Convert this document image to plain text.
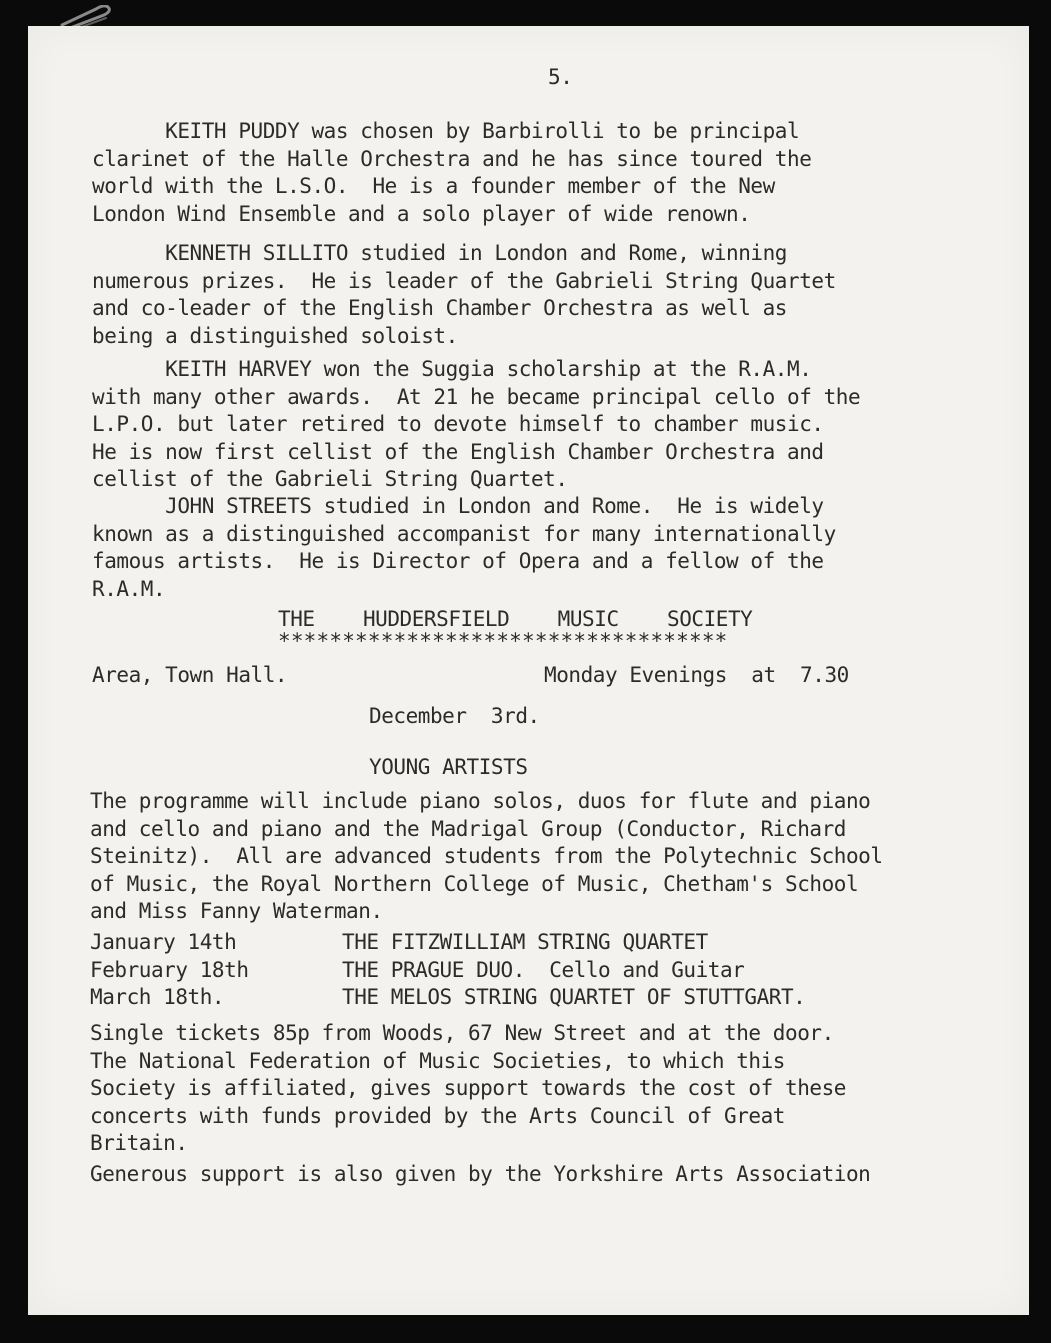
5.
KEITH PUDDY was chosen by Barbirolli to be principal
clarinet of the Halle Orchestra and he has since toured the
world with the L.S.O.  He is a founder member of the New
London Wind Ensemble and a solo player of wide renown.
KENNETH SILLITO studied in London and Rome, winning
numerous prizes.  He is leader of the Gabrieli String Quartet
and co-leader of the English Chamber Orchestra as well as
being a distinguished soloist.
KEITH HARVEY won the Suggia scholarship at the R.A.M.
with many other awards.  At 21 he became principal cello of the
L.P.O. but later retired to devote himself to chamber music.
He is now first cellist of the English Chamber Orchestra and
cellist of the Gabrieli String Quartet.
JOHN STREETS studied in London and Rome.  He is widely
known as a distinguished accompanist for many internationally
famous artists.  He is Director of Opera and a fellow of the
R.A.M.
THE  HUDDERSFIELD  MUSIC  SOCIETY
***********************************
Area, Town Hall.	Monday Evenings  at  7.30
December  3rd.
YOUNG ARTISTS
The programme will include piano solos, duos for flute and piano
and cello and piano and the Madrigal Group (Conductor, Richard
Steinitz).  All are advanced students from the Polytechnic School
of Music, the Royal Northern College of Music, Chetham's School
and Miss Fanny Waterman.
January 14th
February 18th
March 18th.
THE FITZWILLIAM STRING QUARTET
THE PRAGUE DUO.  Cello and Guitar
THE MELOS STRING QUARTET OF STUTTGART.
Single tickets 85p from Woods, 67 New Street and at the door.
The National Federation of Music Societies, to which this
Society is affiliated, gives support towards the cost of these
concerts with funds provided by the Arts Council of Great
Britain.
Generous support is also given by the Yorkshire Arts Association
